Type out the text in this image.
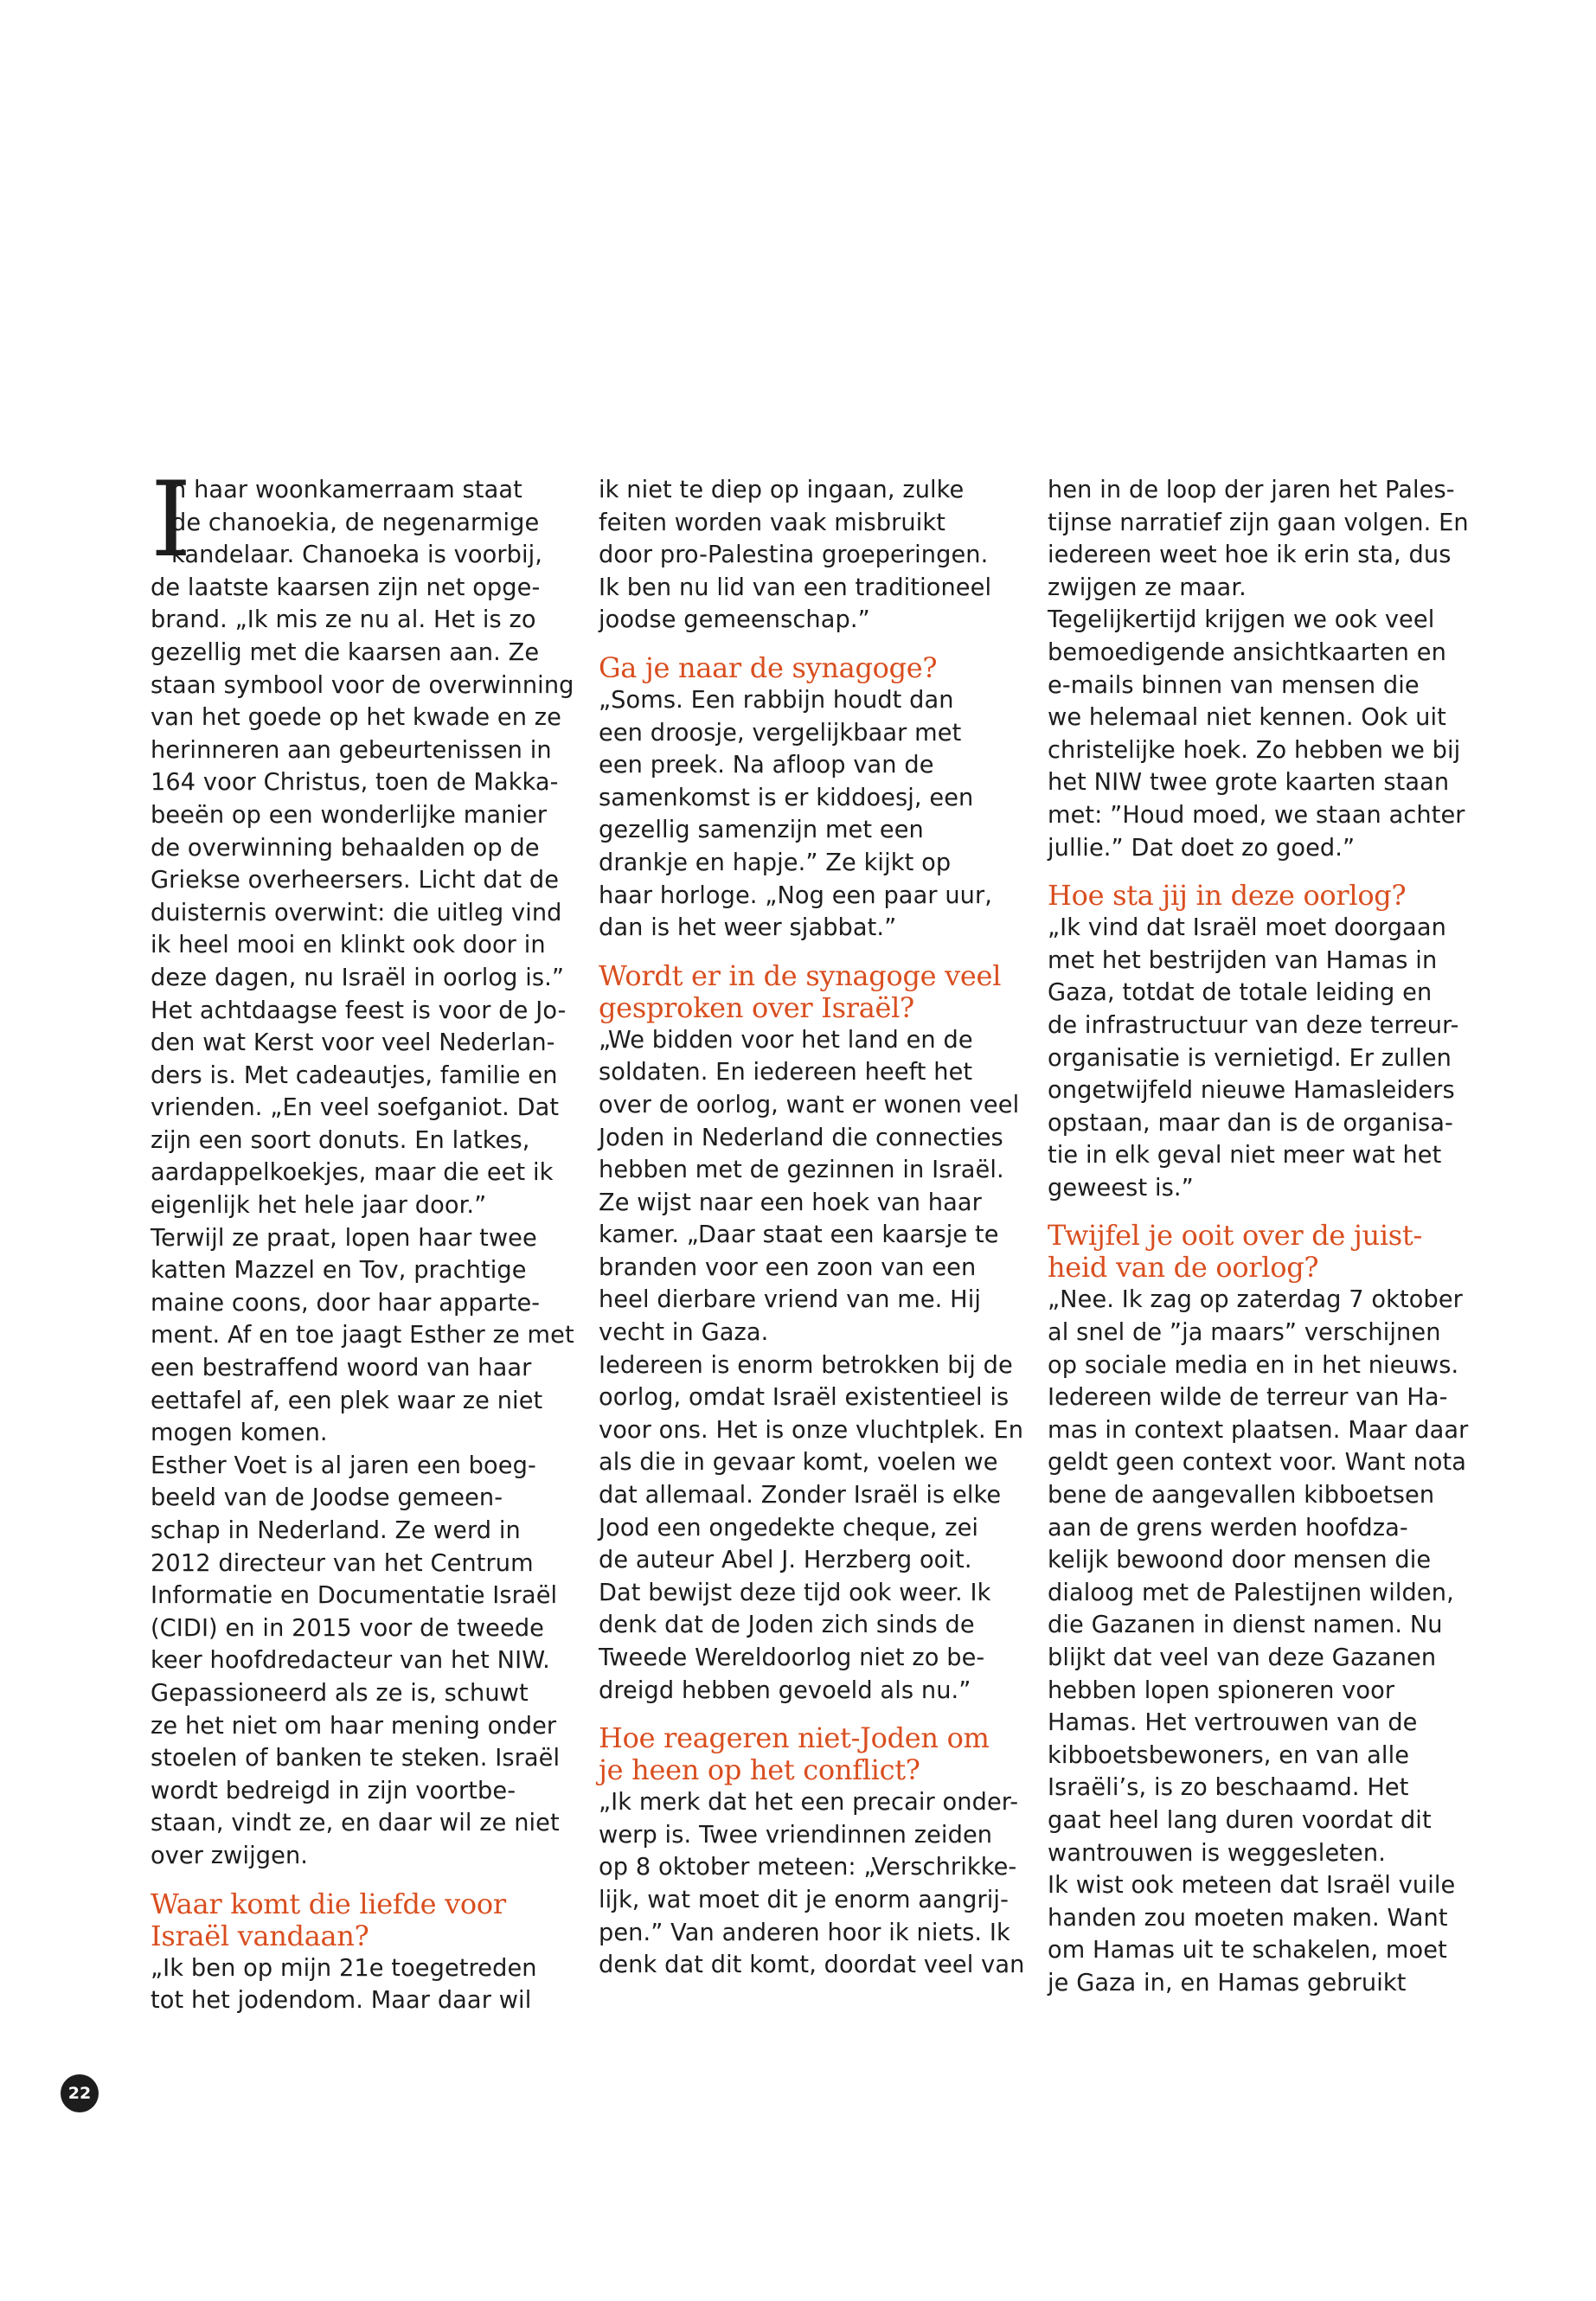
I

n haar woonkamerraam staat

de chanoekia, de negenarmige

kandelaar. Chanoeka is voorbij,

de laatste kaarsen zijn net opge-

brand. „Ik mis ze nu al. Het is zo

gezellig met die kaarsen aan. Ze

staan symbool voor de overwinning

van het goede op het kwade en ze

herinneren aan gebeurtenissen in

164 voor Christus, toen de Makka-

beeën op een wonderlijke manier

de overwinning behaalden op de

Griekse overheersers. Licht dat de

duisternis overwint: die uitleg vind

ik heel mooi en klinkt ook door in

deze dagen, nu Israël in oorlog is.”

Het achtdaagse feest is voor de Jo-

den wat Kerst voor veel Nederlan-

ders is. Met cadeautjes, familie en

vrienden. „En veel soefganiot. Dat

zijn een soort donuts. En latkes,

aardappelkoekjes, maar die eet ik

eigenlijk het hele jaar door.”

Terwijl ze praat, lopen haar twee

katten Mazzel en Tov, prachtige

maine coons, door haar apparte-

ment. Af en toe jaagt Esther ze met

een bestraffend woord van haar

eettafel af, een plek waar ze niet

mogen komen.

Esther Voet is al jaren een boeg-

beeld van de Joodse gemeen-

schap in Nederland. Ze werd in

2012 directeur van het Centrum

Informatie en Documentatie Israël

(CIDI) en in 2015 voor de tweede

keer hoofdredacteur van het NIW.

Gepassioneerd als ze is, schuwt

ze het niet om haar mening onder

stoelen of banken te steken. Israël

wordt bedreigd in zijn voortbe-

staan, vindt ze, en daar wil ze niet

over zwijgen.

Waar komt die liefde voor
Israël vandaan?

„Ik ben op mijn 21e toegetreden

tot het jodendom. Maar daar wil

ik niet te diep op ingaan, zulke

feiten worden vaak misbruikt

door pro-Palestina groeperingen.

Ik ben nu lid van een traditioneel

joodse gemeenschap.”

Ga je naar de synagoge?

„Soms. Een rabbijn houdt dan

een droosje, vergelijkbaar met

een preek. Na afloop van de

samenkomst is er kiddoesj, een

gezellig samenzijn met een

drankje en hapje.” Ze kijkt op

haar horloge. „Nog een paar uur,

dan is het weer sjabbat.”

Wordt er in de synagoge veel
gesproken over Israël?

„We bidden voor het land en de

soldaten. En iedereen heeft het

over de oorlog, want er wonen veel

Joden in Nederland die connecties

hebben met de gezinnen in Israël.

Ze wijst naar een hoek van haar

kamer. „Daar staat een kaarsje te

branden voor een zoon van een

heel dierbare vriend van me. Hij

vecht in Gaza.

Iedereen is enorm betrokken bij de

oorlog, omdat Israël existentieel is

voor ons. Het is onze vluchtplek. En

als die in gevaar komt, voelen we

dat allemaal. Zonder Israël is elke

Jood een ongedekte cheque, zei

de auteur Abel J. Herzberg ooit.

Dat bewijst deze tijd ook weer. Ik

denk dat de Joden zich sinds de

Tweede Wereldoorlog niet zo be-

dreigd hebben gevoeld als nu.”

Hoe reageren niet-Joden om
je heen op het conflict?

„Ik merk dat het een precair onder-

werp is. Twee vriendinnen zeiden

op 8 oktober meteen: „Verschrikke-

lijk, wat moet dit je enorm aangrij-

pen.” Van anderen hoor ik niets. Ik

denk dat dit komt, doordat veel van

hen in de loop der jaren het Pales-

tijnse narratief zijn gaan volgen. En

iedereen weet hoe ik erin sta, dus

zwijgen ze maar.

Tegelijkertijd krijgen we ook veel

bemoedigende ansichtkaarten en

e-mails binnen van mensen die

we helemaal niet kennen. Ook uit

christelijke hoek. Zo hebben we bij

het NIW twee grote kaarten staan

met: ”Houd moed, we staan achter

jullie.” Dat doet zo goed.”

Hoe sta jij in deze oorlog?

„Ik vind dat Israël moet doorgaan

met het bestrijden van Hamas in

Gaza, totdat de totale leiding en

de infrastructuur van deze terreur-

organisatie is vernietigd. Er zullen

ongetwijfeld nieuwe Hamasleiders

opstaan, maar dan is de organisa-

tie in elk geval niet meer wat het

geweest is.”

Twijfel je ooit over de juist-
heid van de oorlog?

„Nee. Ik zag op zaterdag 7 oktober

al snel de ”ja maars” verschijnen

op sociale media en in het nieuws.

Iedereen wilde de terreur van Ha-

mas in context plaatsen. Maar daar

geldt geen context voor. Want nota

bene de aangevallen kibboetsen

aan de grens werden hoofdza-

kelijk bewoond door mensen die

dialoog met de Palestijnen wilden,

die Gazanen in dienst namen. Nu

blijkt dat veel van deze Gazanen

hebben lopen spioneren voor

Hamas. Het vertrouwen van de

kibboetsbewoners, en van alle

Israëli’s, is zo beschaamd. Het

gaat heel lang duren voordat dit

wantrouwen is weggesleten.

Ik wist ook meteen dat Israël vuile

handen zou moeten maken. Want

om Hamas uit te schakelen, moet

je Gaza in, en Hamas gebruikt

22
